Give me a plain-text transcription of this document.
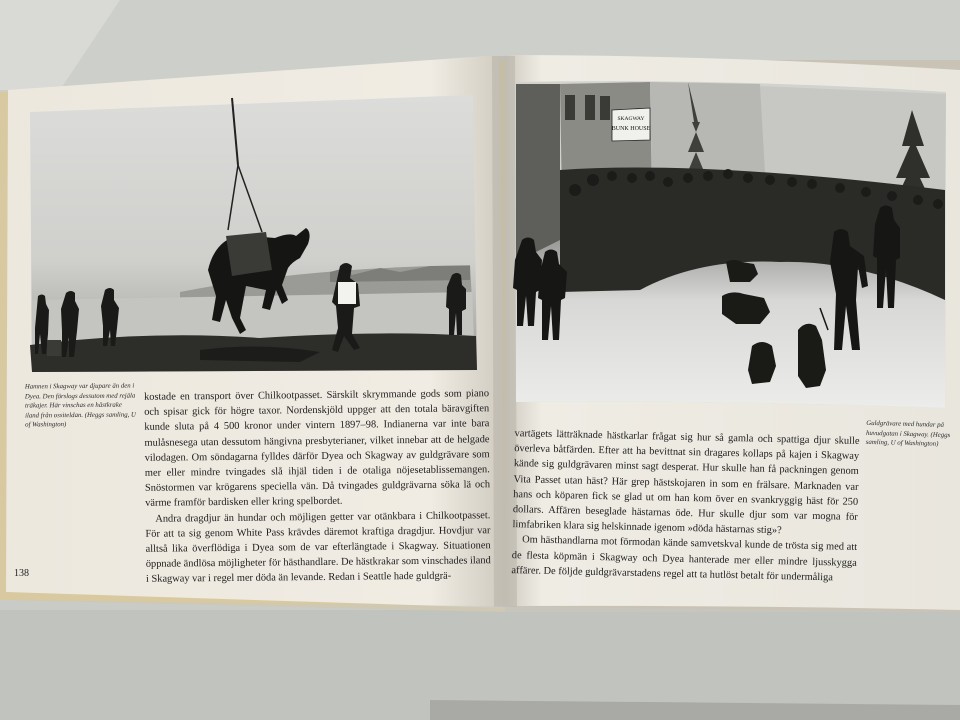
SKAGWAY
BUNK HOUSE
Hamnen i Skagway var djupare än den i Dyea. Den förslogs dessutom med rejäla träkajer. Här vinschas en hästkrake iland från ossiteldan. (Heggs samling, U of Washington)	Guldgrävare med hundar på huvudgatan i Skagway. (Heggs samling, U of Washington)

kostade en transport över Chilkootpasset. Särskilt skrymmande gods som piano och spisar gick för högre taxor. Nordenskjöld uppger att den totala bäravgiften kunde sluta på 4 500 kronor under vintern 1897–98. Indianerna var inte bara mulåsnesega utan dessutom hängivna presbyterianer, vilket innebar att de helgade vilodagen. Om söndagarna fylldes därför Dyea och Skagway av guldgrävare som mer eller mindre tvingades slå ihjäl tiden i de otaliga nöjesetablissemangen. Snöstormen var krögarens speciella vän. Då tvingades guldgrävarna söka lä och värme framför bardisken eller kring spelbordet.

Andra dragdjur än hundar och möjligen getter var otänkbara i Chilkootpasset. För att ta sig genom White Pass krävdes däremot kraftiga dragdjur. Hovdjur var alltså lika överflödiga i Dyea som de var efterlängtade i Skagway. Situationen öppnade ändlösa möjligheter för hästhandlare. De hästkrakar som vinschades iland i Skagway var i regel mer döda än levande. Redan i Seattle hade guldgrä-

vartägets lätträknade hästkarlar frågat sig hur så gamla och spattiga djur skulle överleva båtfärden. Efter att ha bevittnat sin dragares kollaps på kajen i Skagway kände sig guldgrävaren minst sagt desperat. Hur skulle han få packningen genom Vita Passet utan häst? Här grep hästskojaren in som en frälsare. Marknaden var hans och köparen fick se glad ut om han kom över en svankryggig häst för 250 dollars. Affären beseglade hästarnas öde. Hur skulle djur som var mogna för limfabriken klara sig helskinnade igenom »döda hästarnas stig»?

Om hästhandlarna mot förmodan kände samvetskval kunde de trösta sig med att de flesta köpmän i Skagway och Dyea hanterade mer eller mindre ljusskygga affärer. De följde guldgrävarstadens regel att ta hutlöst betalt för undermåliga

138
